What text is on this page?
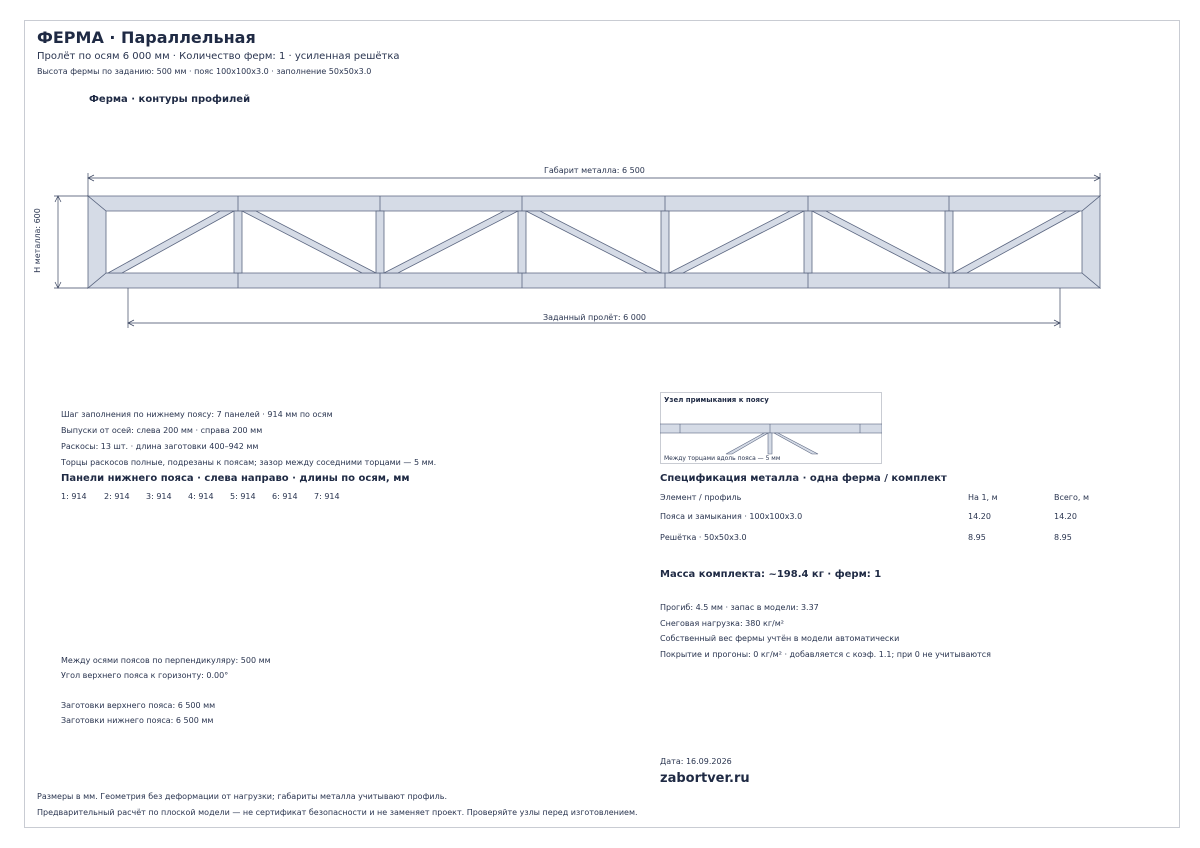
ФЕРМА · Параллельная
Пролёт по осям 6 000 мм · Количество ферм: 1 · усиленная решётка
Высота фермы по заданию: 500 мм · пояс 100x100x3.0 · заполнение 50x50x3.0
Ферма · контуры профилей
Габарит металла: 6 500
Н металла: 600
Заданный пролёт: 6 000
Узел примыкания к поясу
Между торцами вдоль пояса — 5 мм
Шаг заполнения по нижнему поясу: 7 панелей · 914 мм по осям
Выпуски от осей: слева 200 мм · справа 200 мм
Раскосы: 13 шт. · длина заготовки 400–942 мм
Торцы раскосов полные, подрезаны к поясам; зазор между соседними торцами — 5 мм.
Панели нижнего пояса · слева направо · длины по осям, мм
1: 914 2: 914 3: 914 4: 914 5: 914 6: 914 7: 914
Между осями поясов по перпендикуляру: 500 мм
Угол верхнего пояса к горизонту: 0.00°
Заготовки верхнего пояса: 6 500 мм
Заготовки нижнего пояса: 6 500 мм
Спецификация металла · одна ферма / комплект
Элемент / профиль	На 1, м	Всего, м
Пояса и замыкания · 100x100x3.0	14.20	14.20
Решётка · 50x50x3.0	8.95	8.95
Масса комплекта: ~198.4 кг · ферм: 1
Прогиб: 4.5 мм · запас в модели: 3.37
Снеговая нагрузка: 380 кг/м²
Собственный вес фермы учтён в модели автоматически
Покрытие и прогоны: 0 кг/м² · добавляется с коэф. 1.1; при 0 не учитываются
Дата: 16.09.2026
zabortver.ru
Размеры в мм. Геометрия без деформации от нагрузки; габариты металла учитывают профиль.
Предварительный расчёт по плоской модели — не сертификат безопасности и не заменяет проект. Проверяйте узлы перед изготовлением.
